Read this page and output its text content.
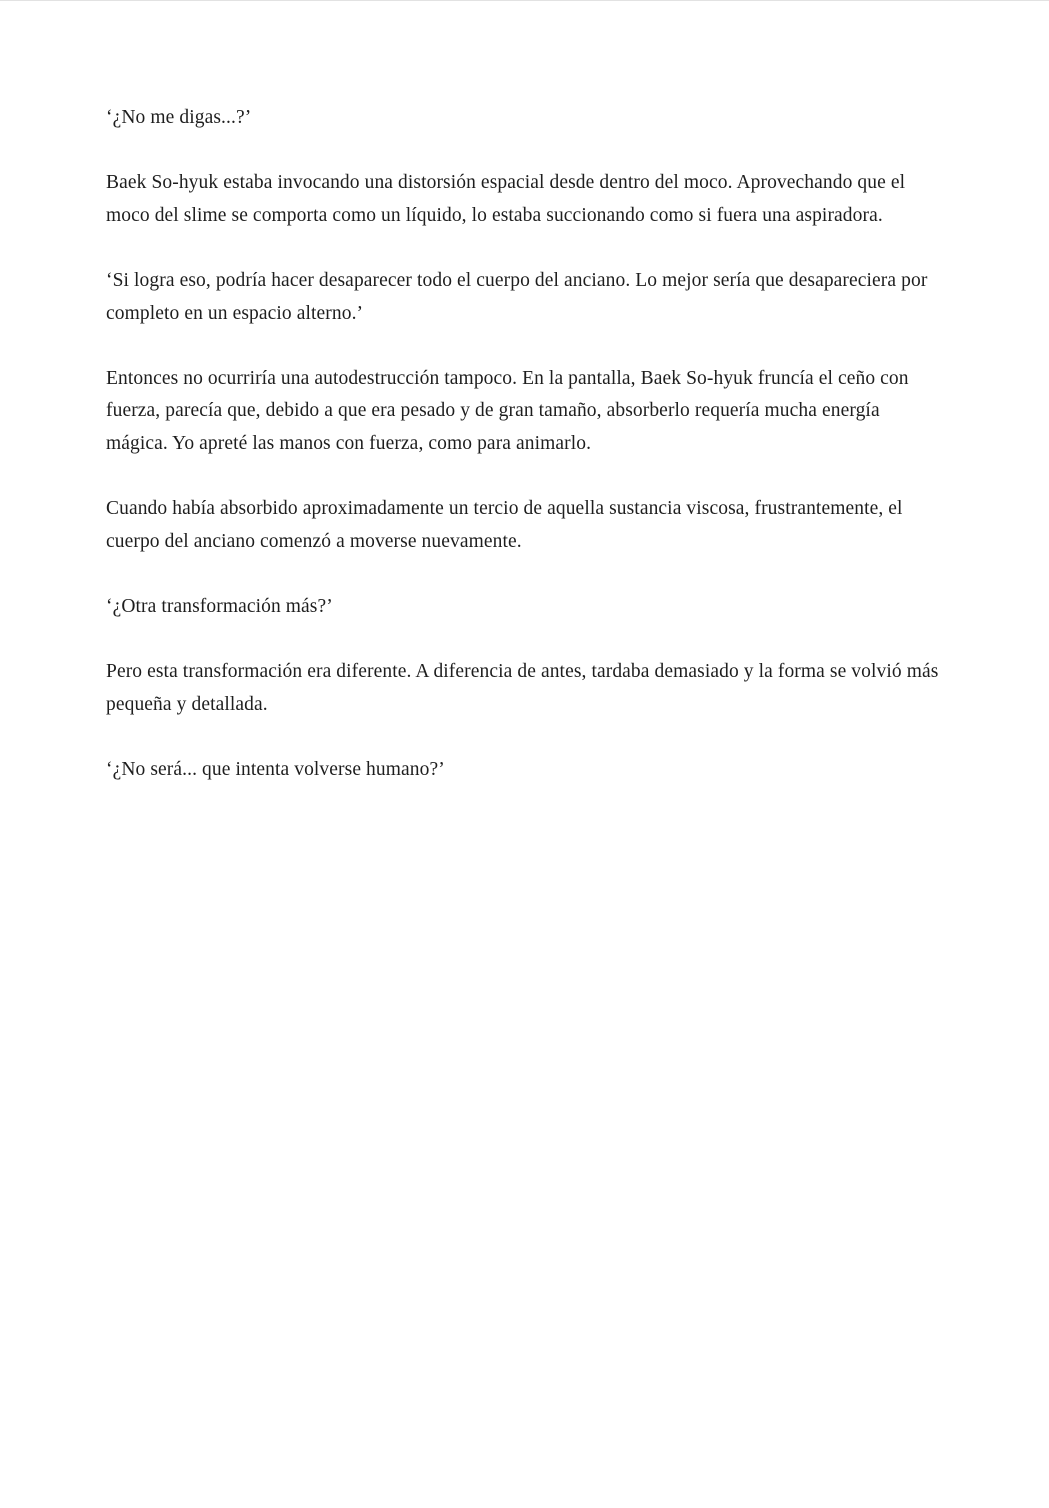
‘¿No me digas...?’

Baek So-hyuk estaba invocando una distorsión espacial desde dentro del moco. Aprovechando que el moco del slime se comporta como un líquido, lo estaba succionando como si fuera una aspiradora.

‘Si logra eso, podría hacer desaparecer todo el cuerpo del anciano. Lo mejor sería que desapareciera por completo en un espacio alterno.’

Entonces no ocurriría una autodestrucción tampoco. En la pantalla, Baek So-hyuk fruncía el ceño con fuerza, parecía que, debido a que era pesado y de gran tamaño, absorberlo requería mucha energía mágica. Yo apreté las manos con fuerza, como para animarlo.

Cuando había absorbido aproximadamente un tercio de aquella sustancia viscosa, frustrantemente, el cuerpo del anciano comenzó a moverse nuevamente.

‘¿Otra transformación más?’

Pero esta transformación era diferente. A diferencia de antes, tardaba demasiado y la forma se volvió más pequeña y detallada.

‘¿No será... que intenta volverse humano?’
